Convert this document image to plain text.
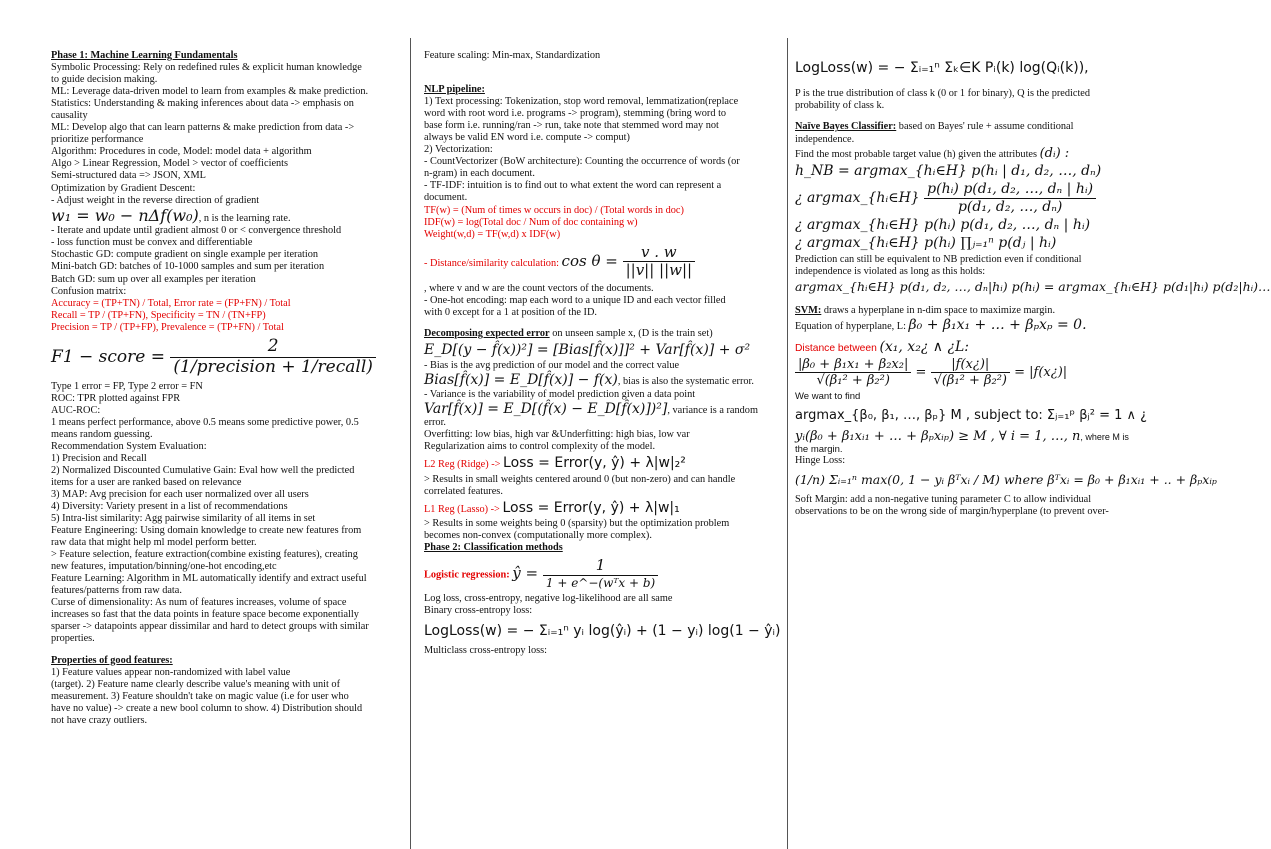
Phase 1: Machine Learning Fundamentals
Symbolic Processing: Rely on redefined rules & explicit human knowledge
to guide decision making.
ML: Leverage data-driven model to learn from examples & make prediction.
Statistics: Understanding & making inferences about data -> emphasis on
causality
ML: Develop algo that can learn patterns & make prediction from data ->
prioritize performance
Algorithm: Procedures in code, Model: model data + algorithm
Algo > Linear Regression, Model > vector of coefficients
Semi-structured data => JSON, XML
Optimization by Gradient Descent:
- Adjust weight in the reverse direction of gradient
w₁ = w₀ − nΔf(w₀), n is the learning rate.
- Iterate and update until gradient almost 0 or < convergence threshold
- loss function must be convex and differentiable
Stochastic GD: compute gradient on single example per iteration
Mini-batch GD: batches of 10-1000 samples and sum per iteration
Batch GD: sum up over all examples per iteration
Confusion matrix:
Accuracy = (TP+TN) / Total, Error rate = (FP+FN) / Total
Recall = TP / (TP+FN), Specificity = TN / (TN+FP)
Precision = TP / (TP+FP), Prevalence = (TP+FN) / Total
F1 − score = $\frac{2}{\text{(1/precision + 1/recall)}}$
Type 1 error = FP, Type 2 error = FN
ROC: TPR plotted against FPR
AUC-ROC:
1 means perfect performance, above 0.5 means some predictive power, 0.5
means random guessing.
Recommendation System Evaluation:
1) Precision and Recall
2) Normalized Discounted Cumulative Gain: Eval how well the predicted
items for a user are ranked based on relevance
3) MAP: Avg precision for each user normalized over all users
4) Diversity: Variety present in a list of recommendations
5) Intra-list similarity: Agg pairwise similarity of all items in set
Feature Engineering: Using domain knowledge to create new features from
raw data that might help ml model perform better.
> Feature selection, feature extraction(combine existing features), creating
new features, imputation/binning/one-hot encoding,etc
Feature Learning: Algorithm in ML automatically identify and extract useful
features/patterns from raw data.
Curse of dimensionality: As num of features increases, volume of space
increases so fast that the data points in feature space become exponentially
sparser -> datapoints appear dissimilar and hard to detect groups with similar
properties.
Properties of good features:
1) Feature values appear non-randomized with label value
(target). 2) Feature name clearly describe value's meaning with unit of
measurement. 3) Feature shouldn't take on magic value (i.e for user who
have no value) -> create a new bool column to show. 4) Distribution should
not have crazy outliers.
Feature scaling: Min-max, Standardization
NLP pipeline:
1) Text processing: Tokenization, stop word removal, lemmatization(replace
word with root word i.e. programs -> program), stemming (bring word to
base form i.e. running/ran -> run, take note that stemmed word may not
always be valid EN word i.e. compute -> comput)
2) Vectorization:
- CountVectorizer (BoW architecture): Counting the occurrence of words (or
n-gram) in each document.
- TF-IDF: intuition is to find out to what extent the word can represent a
document.
TF(w) = (Num of times w occurs in doc) / (Total words in doc)
IDF(w) = log(Total doc / Num of doc containing w)
Weight(w,d) = TF(w,d) x IDF(w)
- Distance/similarity calculation: $\cos \theta = \frac{v . w}{||v|| ||w||}$
, where v and w are the count vectors of the documents.
- One-hot encoding: map each word to a unique ID and each vector filled
with 0 except for a 1 at position of the ID.
Decomposing expected error on unseen sample x, (D is the train set)
E_D[(y − f̂(x))²] = [Bias[f̂(x)]]² + Var[f̂(x)] + σ²
- Bias is the avg prediction of our model and the correct value
Bias[f̂(x)] = E_D[f̂(x)] − f(x), bias is also the systematic error.
- Variance is the variability of model prediction given a data point
Var[f̂(x)] = E_D[(f̂(x) − E_D[f̂(x)])²], variance is a random
error.
Overfitting: low bias, high var &Underfitting: high bias, low var
Regularization aims to control complexity of the model.
L2 Reg (Ridge) -> Loss = Error(y, ŷ) + λ|w|₂²
> Results in small weights centered around 0 (but non-zero) and can handle
correlated features.
L1 Reg (Lasso) -> Loss = Error(y, ŷ) + λ|w|₁
> Results in some weights being 0 (sparsity) but the optimization problem
becomes non-convex (computationally more complex).
Phase 2: Classification methods
Logistic regression: ŷ = $\frac{1}{\text{1 + e\textasciicircum{}−(wᵀx + b)}}$
Log loss, cross-entropy, negative log-likelihood are all same
Binary cross-entropy loss:
LogLoss(w) = − Σᵢ₌₁ⁿ yᵢ log(ŷᵢ) + (1 − yᵢ) log(1 − ŷᵢ)
Multiclass cross-entropy loss:
LogLoss(w) = − Σᵢ₌₁ⁿ Σₖ∈K Pᵢ(k) log(Qᵢ(k)),
P is the true distribution of class k (0 or 1 for binary), Q is the predicted
probability of class k.
Naïve Bayes Classifier: based on Bayes' rule + assume conditional
independence.
Find the most probable target value (h) given the attributes (dᵢ) :
h_NB = argmax_{hᵢ∈H} p(hᵢ | d₁, d₂, …, dₙ)
¿ argmax_{hᵢ∈H} $\frac{\text{p(hᵢ) p(d₁, d₂, …, dₙ | hᵢ)}}{\text{p(d₁, d₂, …, dₙ)}}$
¿ argmax_{hᵢ∈H} p(hᵢ) p(d₁, d₂, …, dₙ | hᵢ)
¿ argmax_{hᵢ∈H} p(hᵢ) ∏ⱼ₌₁ⁿ p(dⱼ | hᵢ)
Prediction can still be equivalent to NB prediction even if conditional
independence is violated as long as this holds:
argmax_{hᵢ∈H} p(d₁, d₂, …, dₙ|hᵢ) p(hᵢ) = argmax_{hᵢ∈H} p(d₁|hᵢ) p(d₂|hᵢ)…
SVM: draws a hyperplane in n-dim space to maximize margin.
Equation of hyperplane, L: β₀ + β₁x₁ + … + βₚxₚ = 0.
Distance between (x₁, x₂¿ ∧ ¿L:
$\frac{\text{|β₀ + β₁x₁ + β₂x₂|}}{\text{√(β₁² + β₂²)}} = \frac{|f(x¿)|}{\text{√(β₁² + β₂²)}}$ = |f(x¿)|
We want to find
argmax_{β₀, β₁, …, βₚ} M , subject to: Σⱼ₌₁ᵖ βⱼ² = 1 ∧ ¿
yᵢ(β₀ + β₁xᵢ₁ + … + βₚxᵢₚ) ≥ M , ∀ i = 1, …, n, where M is
the margin.
Hinge Loss:
(1/n) Σᵢ₌₁ⁿ max(0, 1 − yᵢ βᵀxᵢ / M) where βᵀxᵢ = β₀ + β₁xᵢ₁ + .. + βₚxᵢₚ
Soft Margin: add a non-negative tuning parameter C to allow individual
observations to be on the wrong side of margin/hyperplane (to prevent over-
